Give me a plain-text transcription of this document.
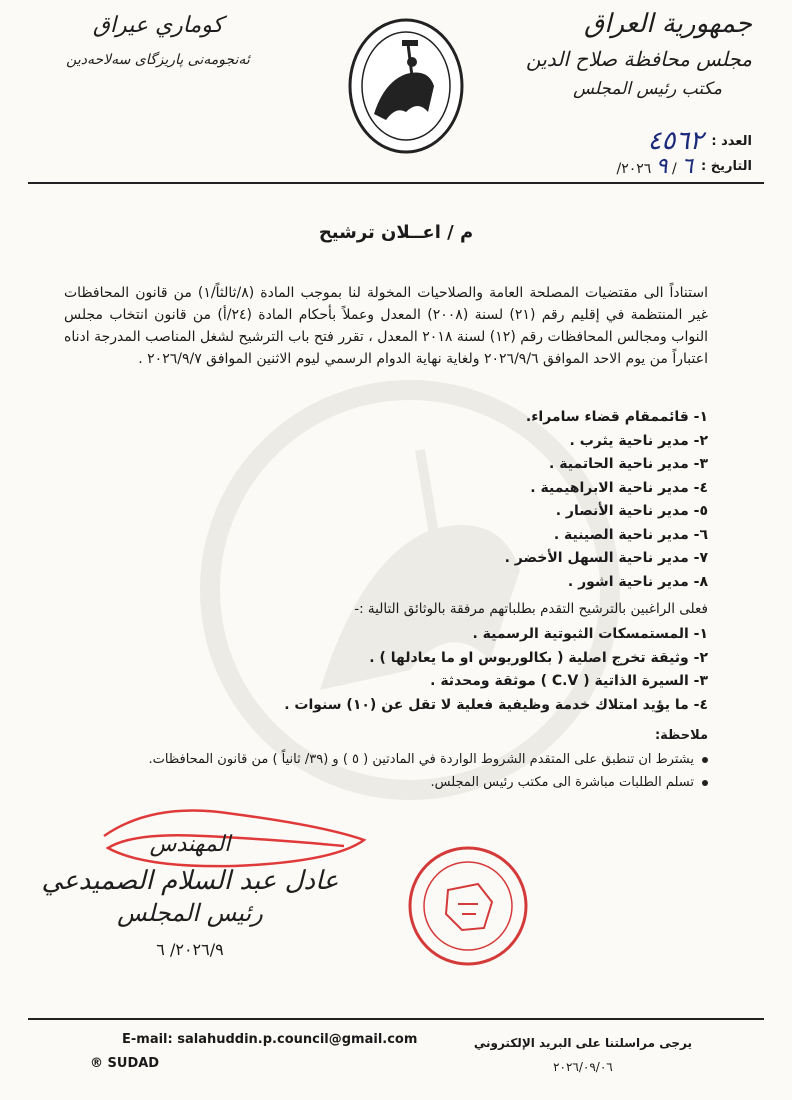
جمهورية العراق
مجلس محافظة صلاح الدين
مكتب رئيس المجلس
كوماري عيراق
ئەنجومەنى پاريزگای سەلاحەدين
العدد :
٤٥٦٢
التاريخ :
٦ / ٩ ٢٠٢٦/
م / اعــلان ترشيح

استناداً الى مقتضيات المصلحة العامة والصلاحيات المخولة لنا بموجب المادة (٨/ثالثاً/١) من قانون المحافظات غير المنتظمة في إقليم رقم (٢١) لسنة (٢٠٠٨) المعدل وعملاً بأحكام المادة (٢٤/أ) من قانون انتخاب مجلس النواب ومجالس المحافظات رقم (١٢) لسنة ٢٠١٨ المعدل ، تقرر فتح باب الترشيح لشغل المناصب المدرجة ادناه اعتباراً من يوم الاحد الموافق ٢٠٢٦/٩/٦ ولغاية نهاية الدوام الرسمي ليوم الاثنين الموافق ٢٠٢٦/٩/٧ .

١- قائممقام قضاء سامراء.
٢- مدير ناحية يثرب .
٣- مدير ناحية الحاتمية .
٤- مدير ناحية الابراهيمية .
٥- مدير ناحية الأنصار .
٦- مدير ناحية الصينية .
٧- مدير ناحية السهل الأخضر .
٨- مدير ناحية اشور .
فعلى الراغبين بالترشيح التقدم بطلباتهم مرفقة بالوثائق التالية :-
١- المستمسكات الثبوتية الرسمية .
٢- وثيقة تخرج اصلية ( بكالوريوس او ما يعادلها ) .
٣- السيرة الذاتية ( C.V ) موثقة ومحدثة .
٤- ما يؤيد امتلاك خدمة وظيفية فعلية لا تقل عن (١٠) سنوات .
ملاحظة:
يشترط ان تنطبق على المتقدم الشروط الواردة في المادتين ( ٥ ) و (٣٩/ ثانياً ) من قانون المحافظات.
تسلم الطلبات مباشرة الى مكتب رئيس المجلس.
المهندس
عادل عبد السلام الصميدعي
رئيس المجلس
٢٠٢٦/٩/ ٦
E-mail: salahuddin.p.council@gmail.com
® SUDAD
يرجى مراسلتنا على البريد الإلكتروني
٢٠٢٦/٠٩/٠٦
